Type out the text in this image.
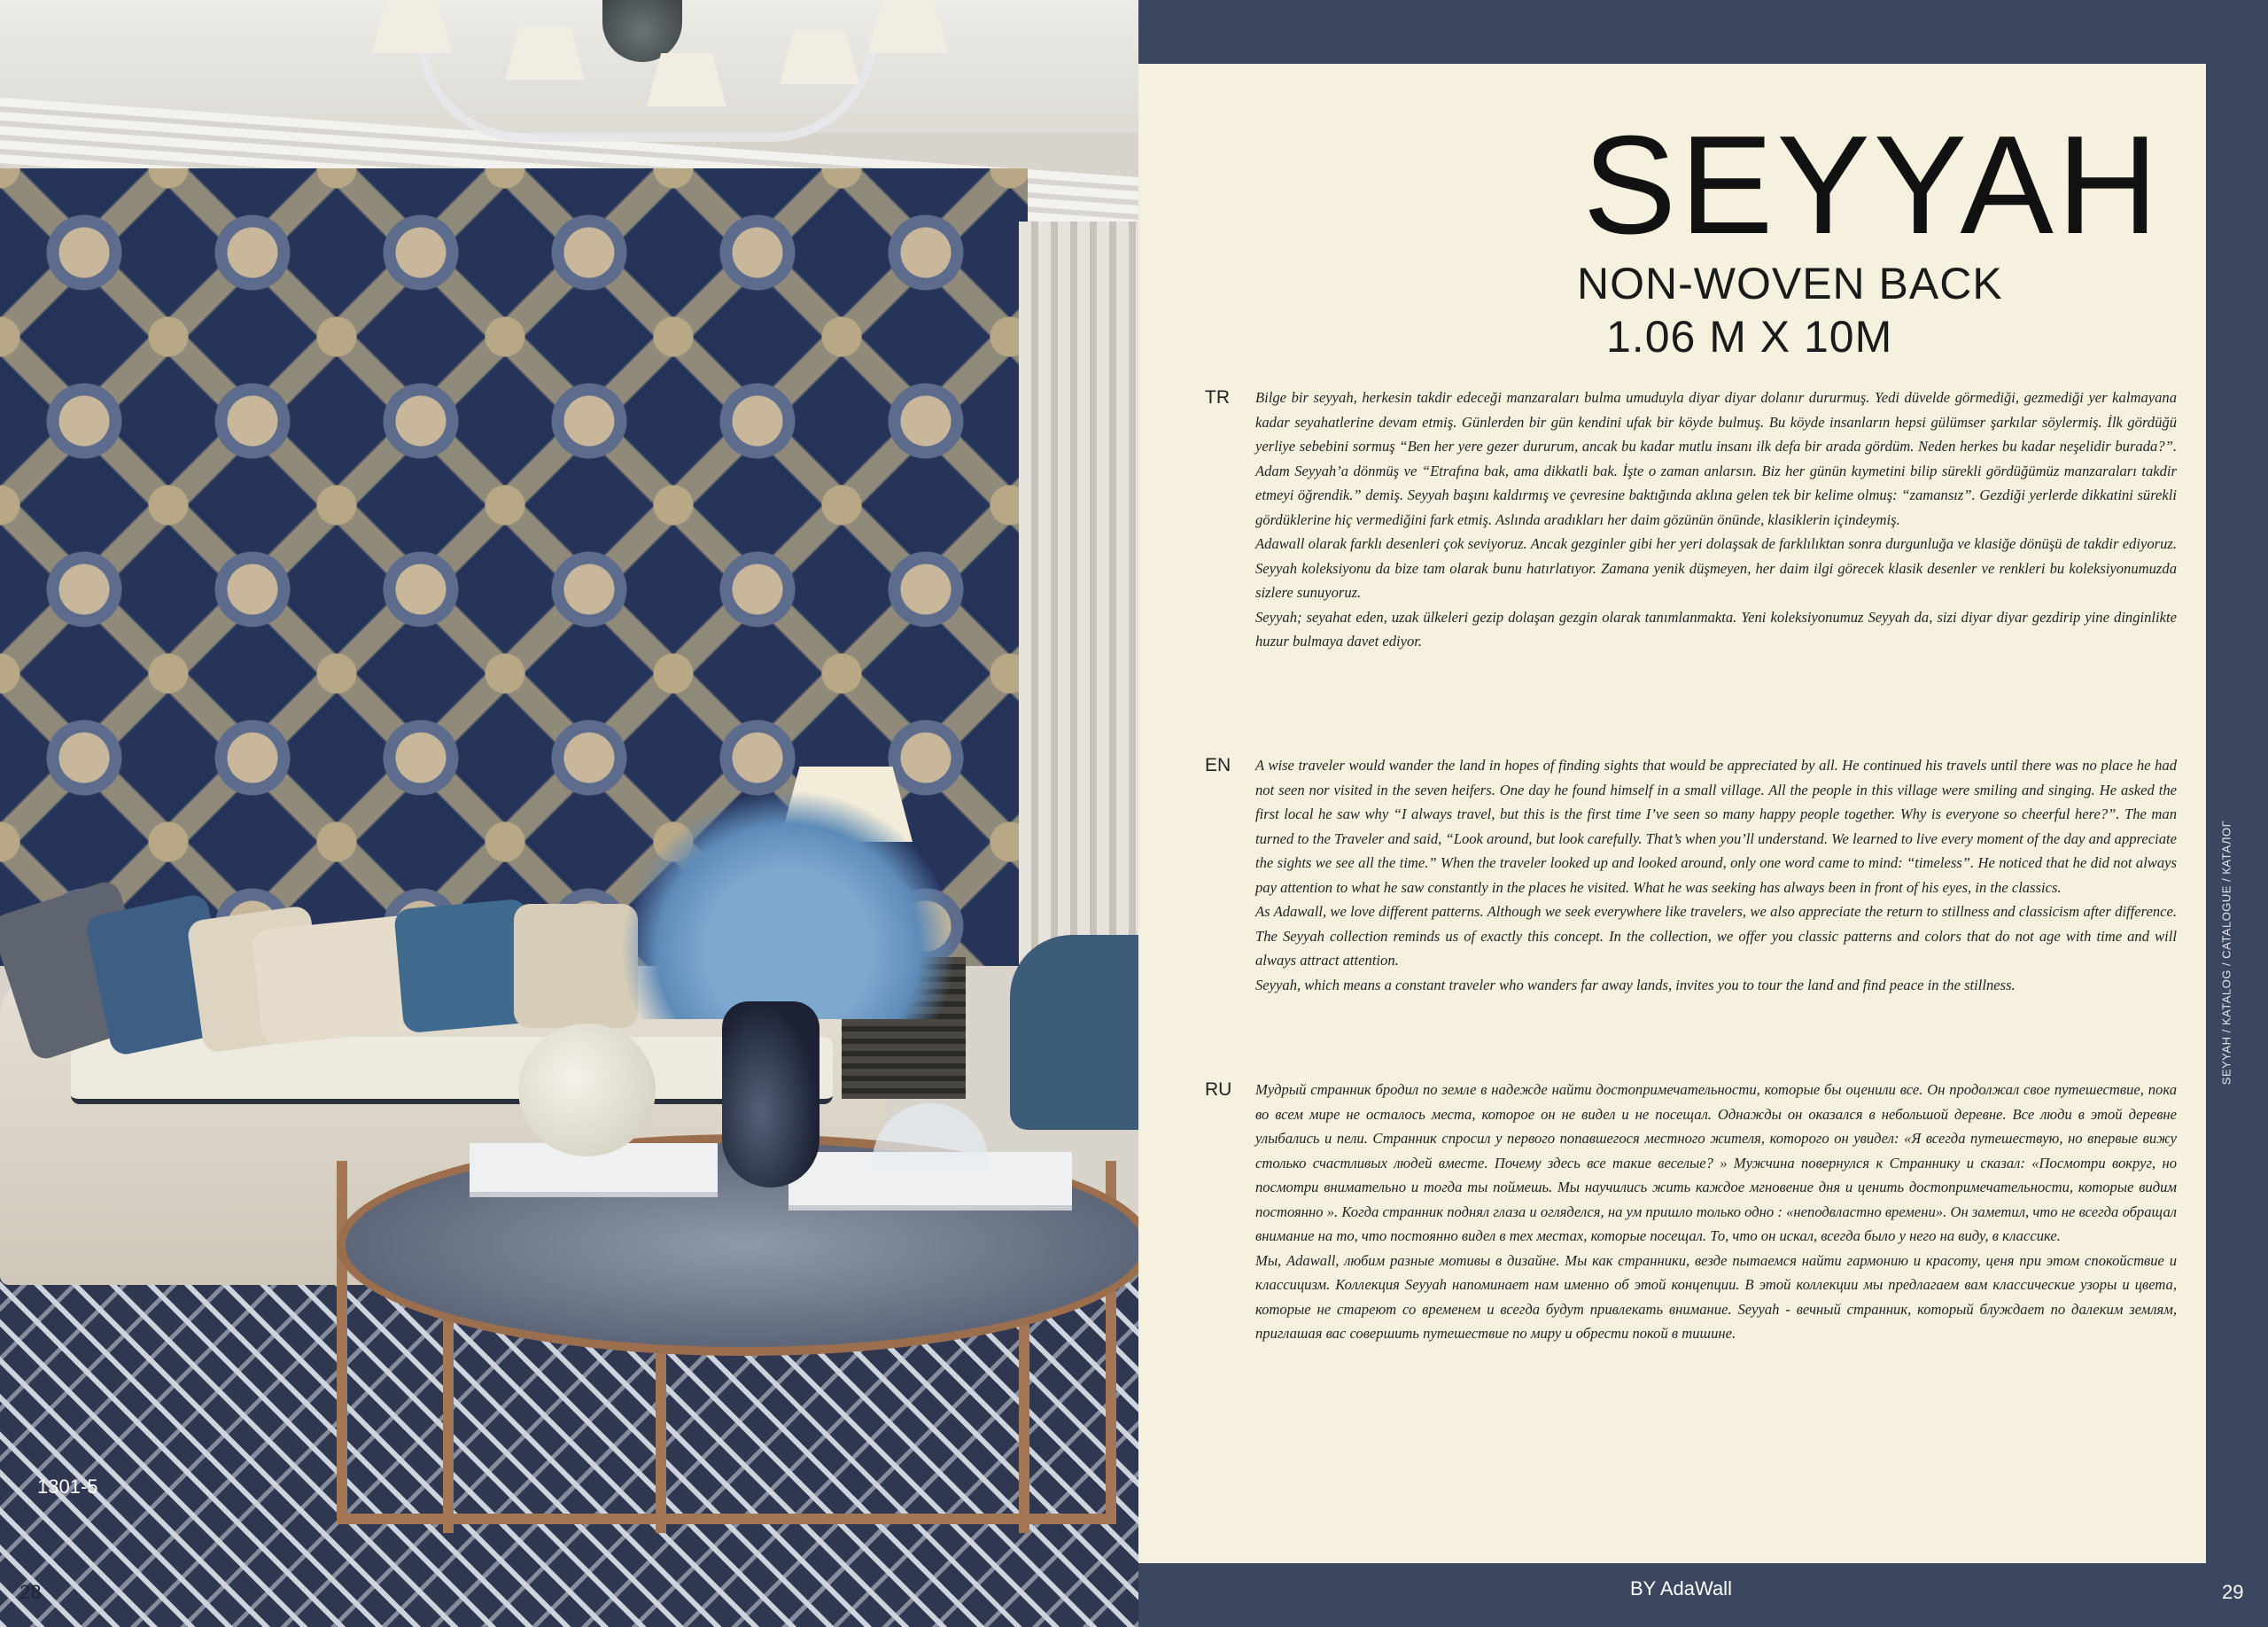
1301-5
28
SEYYAH
NON-WOVEN BACK
1.06 M X 10M
TR Bilge bir seyyah, herkesin takdir edeceği manzaraları bulma umuduyla diyar diyar dolanır dururmuş. Yedi düvelde görmediği, gezmediği yer kalmayana kadar seyahatlerine devam etmiş. Günlerden bir gün kendini ufak bir köyde bulmuş. Bu köyde insanların hepsi gülümser şarkılar söylermiş. İlk gördüğü yerliye sebebini sormuş “Ben her yere gezer dururum, ancak bu kadar mutlu insanı ilk defa bir arada gördüm. Neden herkes bu kadar neşelidir burada?”. Adam Seyyah’a dönmüş ve “Etrafına bak, ama dikkatli bak. İşte o zaman anlarsın. Biz her günün kıymetini bilip sürekli gördüğümüz manzaraları takdir etmeyi öğrendik.” demiş. Seyyah başını kaldırmış ve çevresine baktığında aklına gelen tek bir kelime olmuş: “zamansız”. Gezdiği yerlerde dikkatini sürekli gördüklerine hiç vermediğini fark etmiş. Aslında aradıkları her daim gözünün önünde, klasiklerin içindeymiş.

Adawall olarak farklı desenleri çok seviyoruz. Ancak gezginler gibi her yeri dolaşsak de farklılıktan sonra durgunluğa ve klasiğe dönüşü de takdir ediyoruz. Seyyah koleksiyonu da bize tam olarak bunu hatırlatıyor. Zamana yenik düşmeyen, her daim ilgi görecek klasik desenler ve renkleri bu koleksiyonumuzda sizlere sunuyoruz.

Seyyah; seyahat eden, uzak ülkeleri gezip dolaşan gezgin olarak tanımlanmakta. Yeni koleksiyonumuz Seyyah da, sizi diyar diyar gezdirip yine dinginlikte huzur bulmaya davet ediyor.

EN A wise traveler would wander the land in hopes of finding sights that would be appreciated by all. He continued his travels until there was no place he had not seen nor visited in the seven heifers. One day he found himself in a small village. All the people in this village were smiling and singing. He asked the first local he saw why “I always travel, but this is the first time I’ve seen so many happy people together. Why is everyone so cheerful here?”. The man turned to the Traveler and said, “Look around, but look carefully. That’s when you’ll understand. We learned to live every moment of the day and appreciate the sights we see all the time.” When the traveler looked up and looked around, only one word came to mind: “timeless”. He noticed that he did not always pay attention to what he saw constantly in the places he visited. What he was seeking has always been in front of his eyes, in the classics.

As Adawall, we love different patterns. Although we seek everywhere like travelers, we also appreciate the return to stillness and classicism after difference. The Seyyah collection reminds us of exactly this concept. In the collection, we offer you classic patterns and colors that do not age with time and will always attract attention.

Seyyah, which means a constant traveler who wanders far away lands, invites you to tour the land and find peace in the stillness.

RU Мудрый странник бродил по земле в надежде найти достопримечательности, которые бы оценили все. Он продолжал свое путешествие, пока во всем мире не осталось места, которое он не видел и не посещал. Однажды он оказался в небольшой деревне. Все люди в этой деревне улыбались и пели. Странник спросил у первого попавшегося местного жителя, которого он увидел: «Я всегда путешествую, но впервые вижу столько счастливых людей вместе. Почему здесь все такие веселые? » Мужчина повернулся к Страннику и сказал: «Посмотри вокруг, но посмотри внимательно и тогда ты поймешь. Мы научились жить каждое мгновение дня и ценить достопримечательности, которые видим постоянно ». Когда странник поднял глаза и огляделся, на ум пришло только одно : «неподвластно времени». Он заметил, что не всегда обращал внимание на то, что постоянно видел в тех местах, которые посещал. То, что он искал, всегда было у него на виду, в классике.

Мы, Adawall, любим разные мотивы в дизайне. Мы как странники, везде пытаемся найти гармонию и красоту, ценя при этом спокойствие и классицизм. Коллекция Seyyah напоминает нам именно об этой концепции. В этой коллекции мы предлагаем вам классические узоры и цвета, которые не стареют со временем и всегда будут привлекать внимание. Seyyah - вечный странник, который блуждает по далеким землям, приглашая вас совершить путешествие по миру и обрести покой в тишине.

SEYYAH / KATALOG / CATALOGUE / КАТАЛОГ
BY AdaWall	29
